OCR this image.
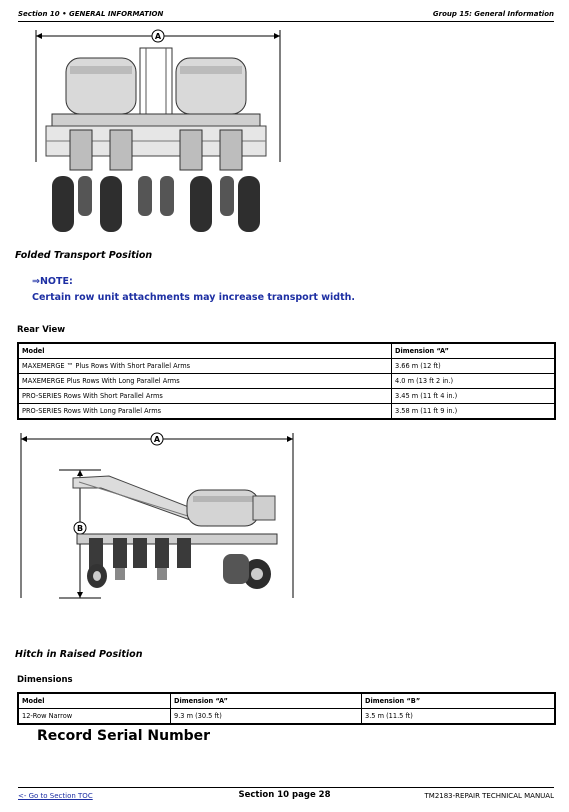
Section 10 • GENERAL INFORMATION	Group 15: General Information
A
Folded Transport Position
⇒NOTE:
Certain row unit attachments may increase transport width.
Rear View
Model	Dimension “A”
MAXEMERGE ™ Plus Rows With Short Parallel Arms	3.66 m (12 ft)
MAXEMERGE Plus Rows With Long Parallel Arms	4.0 m (13 ft 2 in.)
PRO-SERIES Rows With Short Parallel Arms	3.45 m (11 ft 4 in.)
PRO-SERIES Rows With Long Parallel Arms	3.58 m (11 ft 9 in.)
A
B
Hitch in Raised Position
Dimensions
Model	Dimension “A”	Dimension “B”
12-Row Narrow	9.3 m (30.5 ft)	3.5 m (11.5 ft)
Record Serial Number
<- Go to Section TOC	Section 10 page 28	TM2183-REPAIR TECHNICAL MANUAL
